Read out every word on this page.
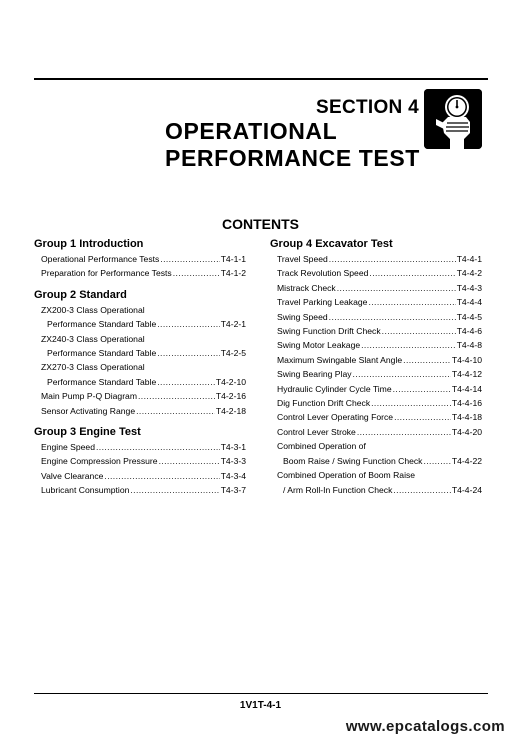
SECTION 4
OPERATIONAL
PERFORMANCE TEST
CONTENTS
Group 1 Introduction
Operational Performance Tests .....	T4-1-1
Preparation for Performance Tests .....	T4-1-2
Group 2 Standard
ZX200-3 Class Operational
Performance Standard Table .....	T4-2-1
ZX240-3 Class Operational
Performance Standard Table .....	T4-2-5
ZX270-3 Class Operational
Performance Standard Table .....	T4-2-10
Main Pump P-Q Diagram .....	T4-2-16
Sensor Activating Range .....	T4-2-18
Group 3 Engine Test
Engine Speed .....	T4-3-1
Engine Compression Pressure .....	T4-3-3
Valve Clearance .....	T4-3-4
Lubricant Consumption .....	T4-3-7
Group 4 Excavator Test
Travel Speed .....	T4-4-1
Track Revolution Speed .....	T4-4-2
Mistrack Check .....	T4-4-3
Travel Parking Leakage .....	T4-4-4
Swing Speed .....	T4-4-5
Swing Function Drift Check .....	T4-4-6
Swing Motor Leakage .....	T4-4-8
Maximum Swingable Slant Angle .....	T4-4-10
Swing Bearing Play .....	T4-4-12
Hydraulic Cylinder Cycle Time .....	T4-4-14
Dig Function Drift Check .....	T4-4-16
Control Lever Operating Force .....	T4-4-18
Control Lever Stroke .....	T4-4-20
Combined Operation of
Boom Raise / Swing Function Check .....	T4-4-22
Combined Operation of Boom Raise
/ Arm Roll-In Function Check .....	T4-4-24
1V1T-4-1
www.epcatalogs.com
